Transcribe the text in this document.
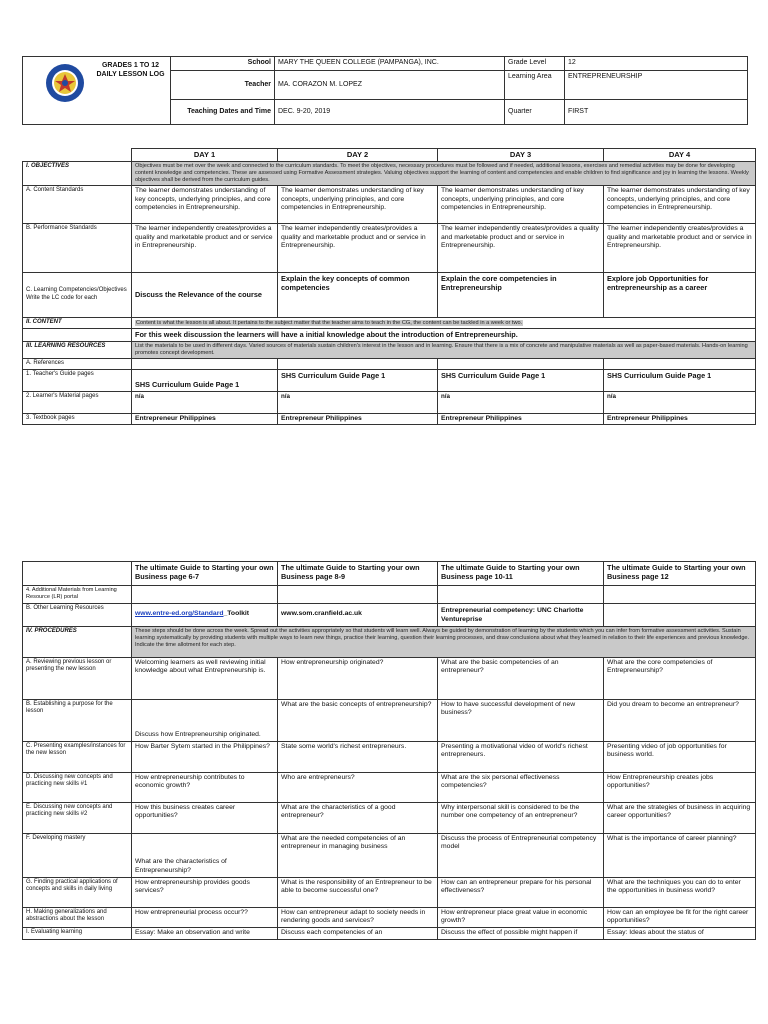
GRADES 1 TO 12
DAILY LESSON LOG	School	MARY THE QUEEN COLLEGE (PAMPANGA), INC.	Grade Level	12
	Teacher	MA. CORAZON M. LOPEZ	Learning Area	ENTREPRENEURSHIP
	Teaching Dates and Time	DEC. 9-20, 2019	Quarter	FIRST
	DAY 1	DAY 2	DAY 3	DAY 4
I. OBJECTIVES	Objectives must be met over the week and connected to the curriculum standards. To meet the objectives, necessary procedures must be followed and if needed, additional lessons, exercises and remedial activities may be done for developing content knowledge and competencies. These are assessed using Formative Assessment strategies. Valuing objectives support the learning of content and competencies and enable children to find significance and joy in learning the lessons. Weekly objectives shall be derived from the curriculum guides.			
A. Content Standards	The learner demonstrates understanding of key concepts, underlying principles, and core competencies in Entrepreneurship.	The learner demonstrates understanding of key concepts, underlying principles, and core competencies in Entrepreneurship.	The learner demonstrates understanding of key concepts, underlying principles, and core competencies in Entrepreneurship.	The learner demonstrates understanding of key concepts, underlying principles, and core competencies in Entrepreneurship.
B. Performance Standards	The learner independently creates/provides a quality and marketable product and or service in Entrepreneurship.	The learner independently creates/provides a quality and marketable product and or service in Entrepreneurship.	The learner independently creates/provides a quality and marketable product and or service in Entrepreneurship.	The learner independently creates/provides a quality and marketable product and or service in Entrepreneurship.
C. Learning Competencies/Objectives Write the LC code for each	Discuss the Relevance of the course	Explain the key concepts of common competencies	Explain the core competencies in Entrepreneurship	Explore job Opportunities for entrepreneurship as a career
II. CONTENT	Content is what the lesson is all about. It pertains to the subject matter that the teacher aims to teach in the CG, the content can be tackled in a week or two.			
	For this week discussion the learners will have a initial knowledge about the introduction of Entrepreneurship.			
III. LEARNING RESOURCES	List the materials to be used in different days. Varied sources of materials sustain children's interest in the lesson and in learning. Ensure that there is a mix of concrete and manipulative materials as well as paper-based materials. Hands-on learning promotes concept development.			
A. References				
1. Teacher's Guide pages	SHS Curriculum Guide Page 1	SHS Curriculum Guide Page 1	SHS Curriculum Guide Page 1	SHS Curriculum Guide Page 1
2. Learner's Material pages	n/a	n/a	n/a	n/a
3. Textbook pages	Entrepreneur Philippines	Entrepreneur Philippines	Entrepreneur Philippines	Entrepreneur Philippines
	The ultimate Guide to Starting your own Business page 6-7	The ultimate Guide to Starting your own Business page 8-9	The ultimate Guide to Starting your own Business page 10-11	The ultimate Guide to Starting your own Business page 12
4. Additional Materials from Learning Resource (LR) portal				
B. Other Learning Resources	www.entre-ed.org/Standard_Toolkit	www.som.cranfield.ac.uk	Entrepreneurial competency: UNC Charlotte Ventureprise	
IV. PROCEDURES	These steps should be done across the week. Spread out the activities appropriately so that students will learn well. Always be guided by demonstration of learning by the students which you can infer from formative assessment activities. Sustain learning systematically by providing students with multiple ways to learn new things, practice their learning, question their learning processes, and draw conclusions about what they learned in relation to their life experiences and previous knowledge. Indicate the time allotment for each step.			
A. Reviewing previous lesson or presenting the new lesson	Welcoming learners as well reviewing initial knowledge about what Entrepreneurship is.	How entrepreneurship originated?	What are the basic competencies of an entrepreneur?	What are the core competencies of Entrepreneurship?
B. Establishing a purpose for the lesson	Discuss how Entrepreneurship originated.	What are the basic concepts of entrepreneurship?	How to have successful development of new business?	Did you dream to become an entrepreneur?
C. Presenting examples/instances for the new lesson	How Barter Sytem started in the Philippines?	State some world's richest entrepreneurs.	Presenting a motivational video of world's richest entrepreneurs.	Presenting video of job opportunities for business world.
D. Discussing new concepts and practicing new skills #1	How entrepreneurship contributes to economic growth?	Who are entrepreneurs?	What are the six personal effectiveness competencies?	How Entrepreneurship creates jobs opportunities?
E. Discussing new concepts and practicing new skills #2	How this business creates career opportunities?	What are the characteristics of a good entrepreneur?	Why interpersonal skill is considered to be the number one competency of an entrepreneur?	What are the strategies of business in acquiring career opportunities?
F. Developing mastery	What are the characteristics of Entrepreneurship?	What are the needed competencies of an entrepreneur in managing business	Discuss the process of Entrepreneurial competency model	What is the importance of career planning?
G. Finding practical applications of concepts and skills in daily living	How entrepreneurship provides goods services?	What is the responsibility of an Entrepreneur to be able to become successful one?	How can an entrepreneur prepare for his personal effectiveness?	What are the techniques you can do to enter the opportunities in business world?
H. Making generalizations and abstractions about the lesson	How entrepreneurial process occur??	How can entrepreneur adapt to society needs in rendering goods and services?	How entrepreneur place great value in economic growth?	How can an employee be fit for the right career opportunities?
I. Evaluating learning	Essay: Make an observation and write	Discuss each competencies of an	Discuss the effect of possible might happen if	Essay: Ideas about the status of
